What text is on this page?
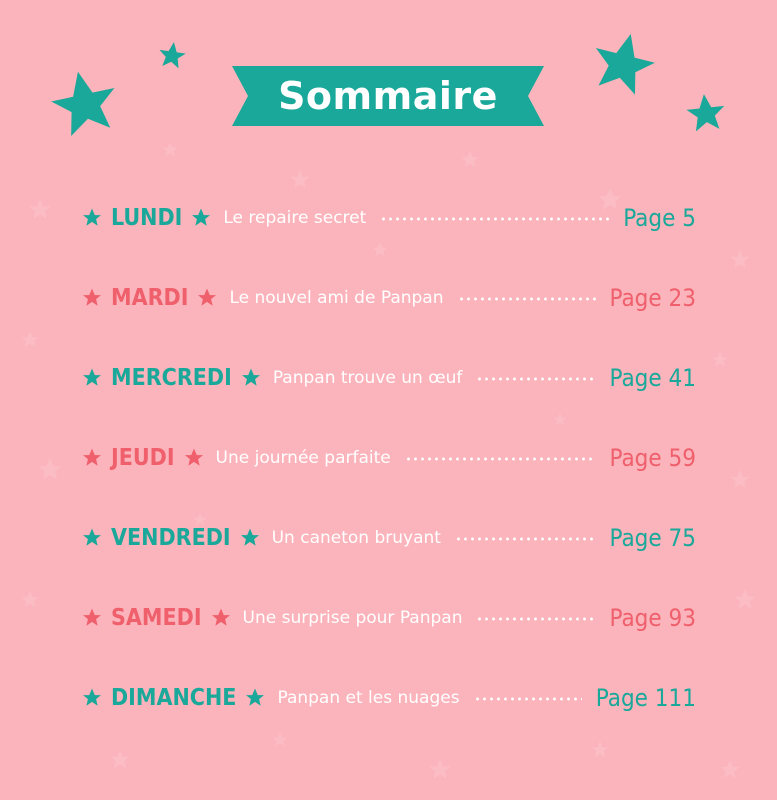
Sommaire
LUNDI Le repaire secret	Page 5
MARDI Le nouvel ami de Panpan	Page 23
MERCREDI Panpan trouve un œuf	Page 41
JEUDI Une journée parfaite	Page 59
VENDREDI Un caneton bruyant	Page 75
SAMEDI Une surprise pour Panpan	Page 93
DIMANCHE Panpan et les nuages	Page 111
